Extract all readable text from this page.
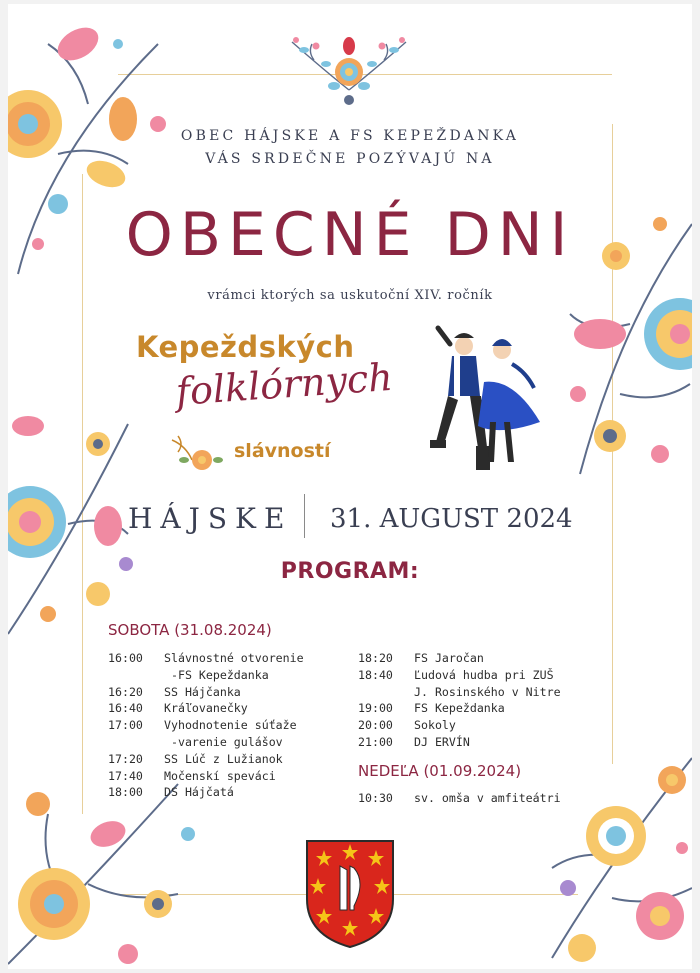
OBEC HÁJSKE A FS KEPEŽDANKA
VÁS SRDEČNE POZÝVAJÚ NA
OBECNÉ DNI
vrámci ktorých sa uskutoční XIV. ročník
Kepeždských
folklórnych
slávností
HÁJSKE 31. AUGUST 2024
PROGRAM:
SOBOTA (31.08.2024)
16:00	Slávnostné otvorenie
-FS Kepeždanka
16:20	SS Hájčanka
16:40	Kráľovanečky
17:00	Vyhodnotenie súťaže
-varenie gulášov
17:20	SS Lúč z Lužianok
17:40	Močenskí speváci
18:00	DS Hájčatá
18:20	FS Jaročan
18:40	Ľudová hudba pri ZUŠ
J. Rosinského v Nitre
19:00	FS Kepeždanka
20:00	Sokoly
21:00	DJ ERVÍN
NEDEĽA (01.09.2024)
10:30	sv. omša v amfiteátri
